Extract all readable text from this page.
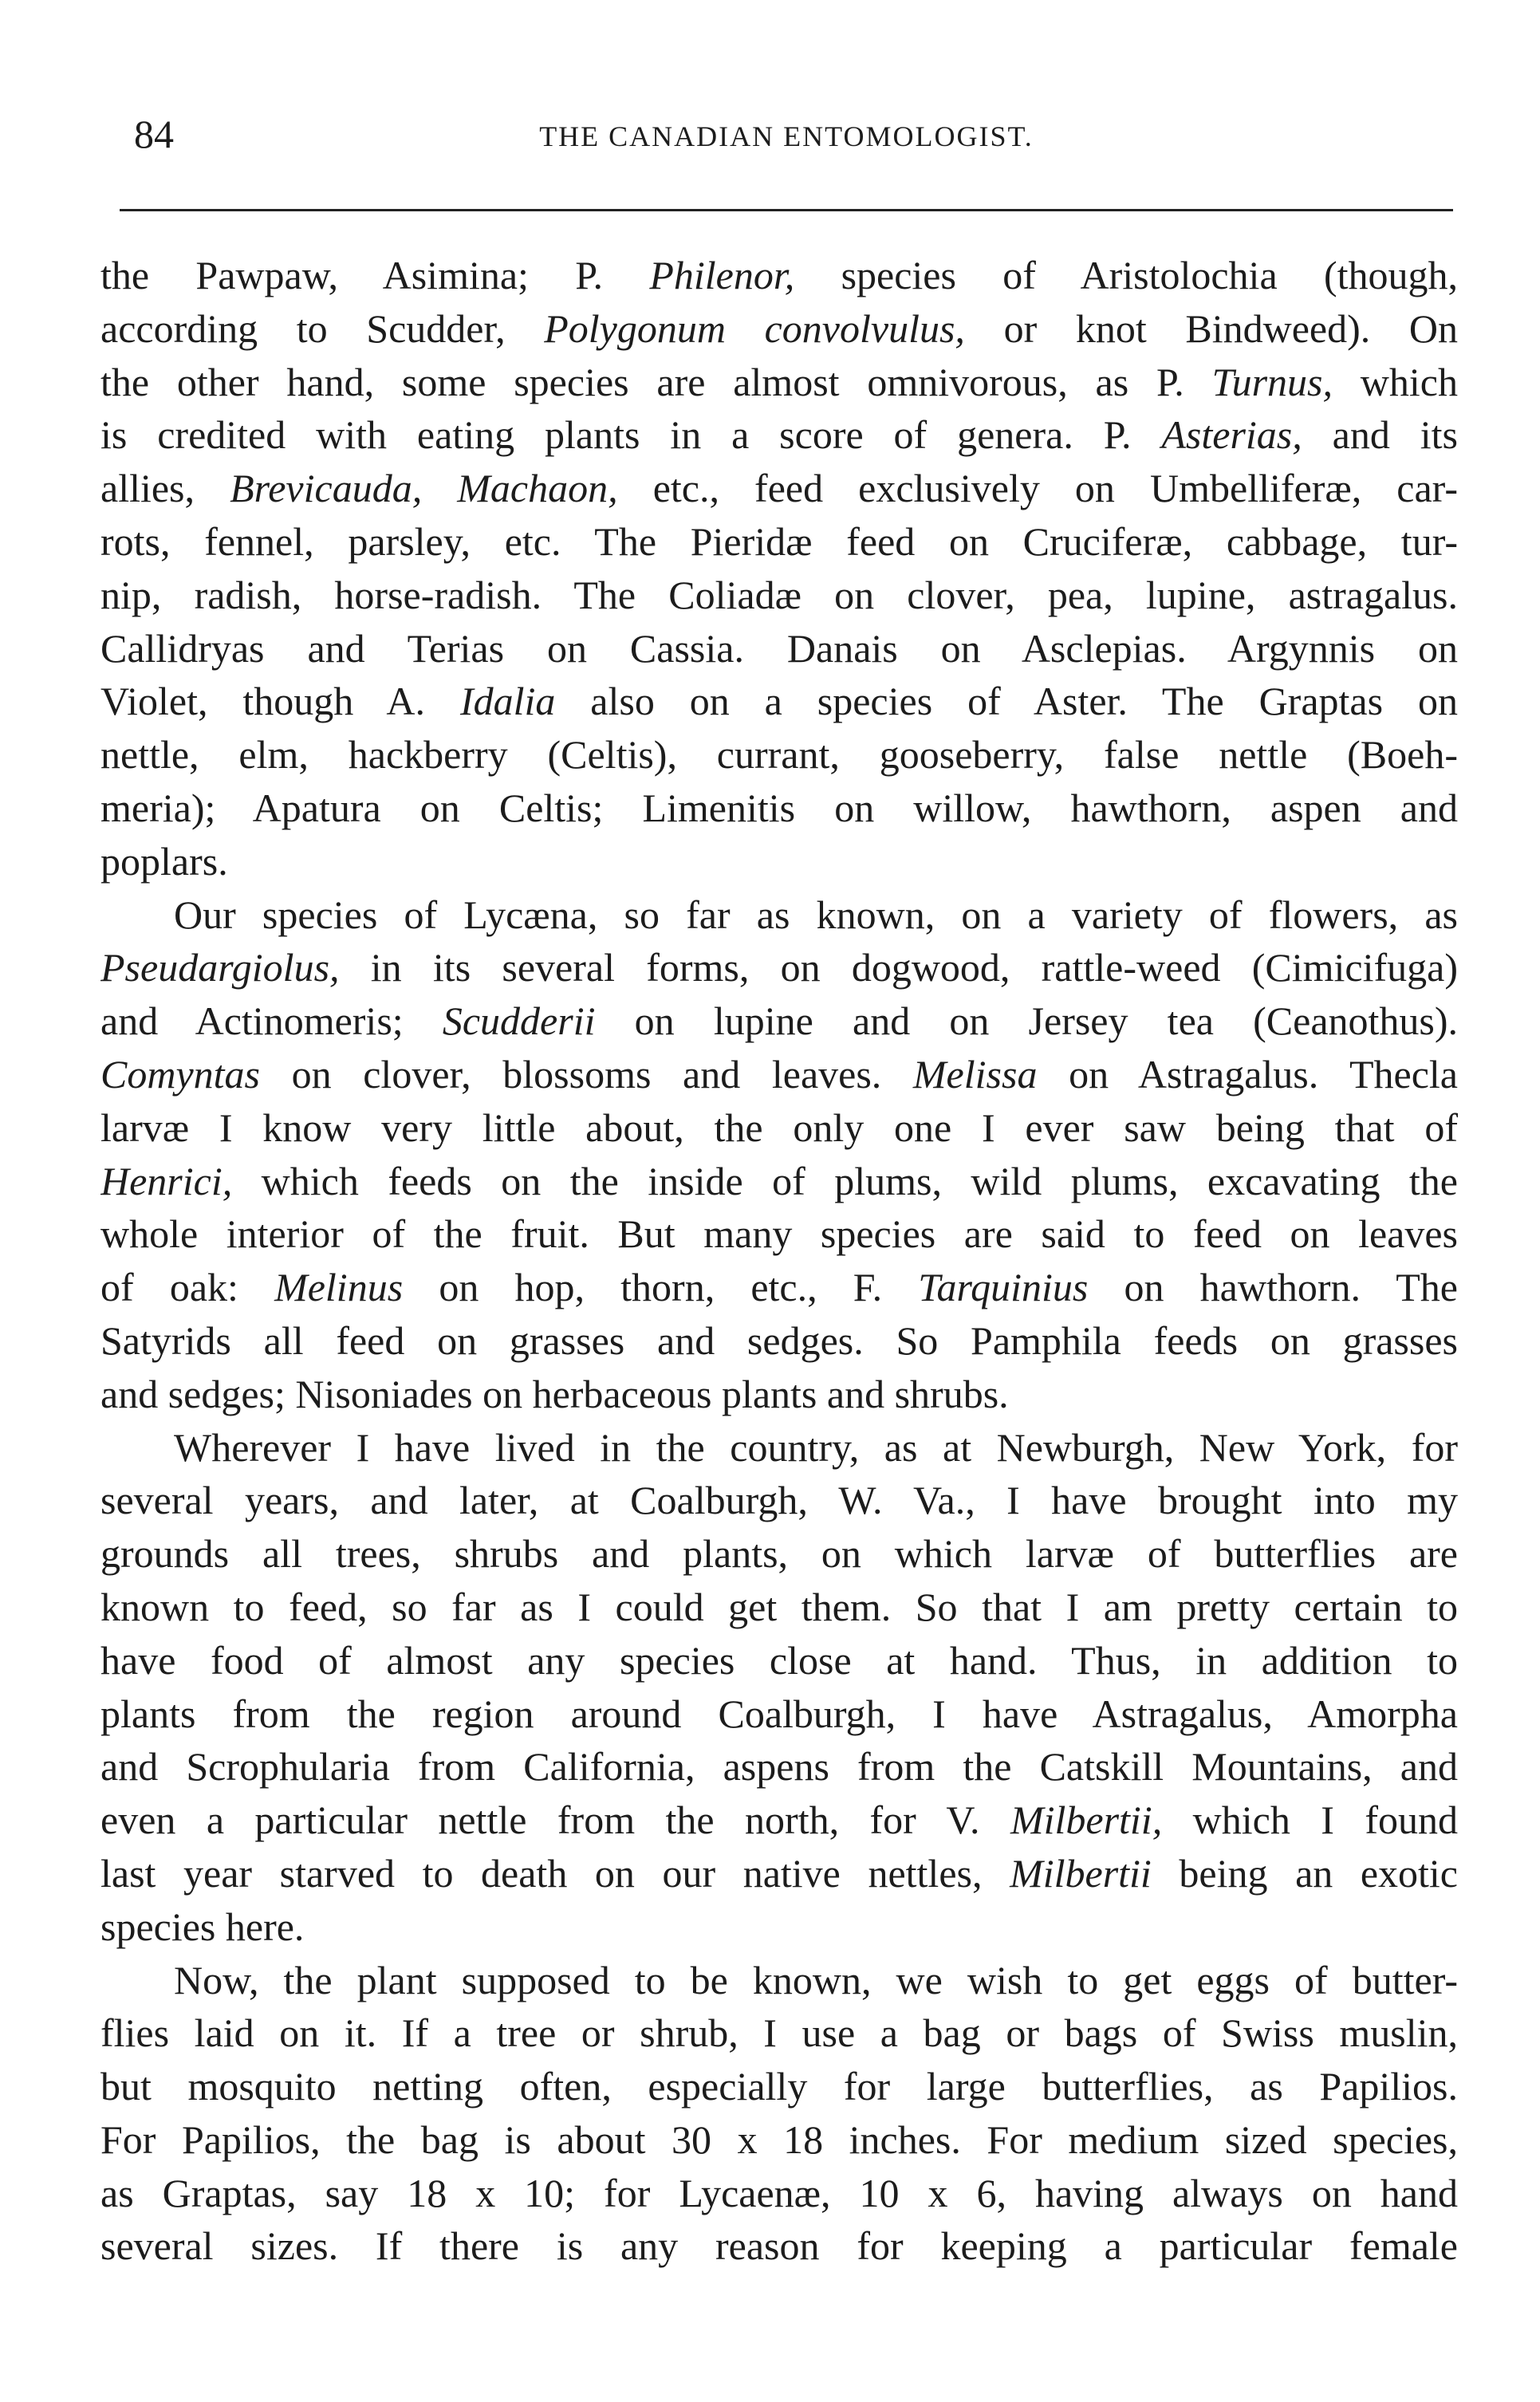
84	THE CANADIAN ENTOMOLOGIST.
the Pawpaw, Asimina; P. Philenor, species of Aristolochia (though,
according to Scudder, Polygonum convolvulus, or knot Bindweed). On
the other hand, some species are almost omnivorous, as P. Turnus, which
is credited with eating plants in a score of genera. P. Asterias, and its
allies, Brevicauda, Machaon, etc., feed exclusively on Umbelliferæ, car-
rots, fennel, parsley, etc. The Pieridæ feed on Cruciferæ, cabbage, tur-
nip, radish, horse-radish. The Coliadæ on clover, pea, lupine, astragalus.
Callidryas and Terias on Cassia. Danais on Asclepias. Argynnis on
Violet, though A. Idalia also on a species of Aster. The Graptas on
nettle, elm, hackberry (Celtis), currant, gooseberry, false nettle (Boeh-
meria); Apatura on Celtis; Limenitis on willow, hawthorn, aspen and
poplars.
Our species of Lycæna, so far as known, on a variety of flowers, as
Pseudargiolus, in its several forms, on dogwood, rattle-weed (Cimicifuga)
and Actinomeris; Scudderii on lupine and on Jersey tea (Ceanothus).
Comyntas on clover, blossoms and leaves. Melissa on Astragalus. Thecla
larvæ I know very little about, the only one I ever saw being that of
Henrici, which feeds on the inside of plums, wild plums, excavating the
whole interior of the fruit. But many species are said to feed on leaves
of oak: Melinus on hop, thorn, etc., F. Tarquinius on hawthorn. The
Satyrids all feed on grasses and sedges. So Pamphila feeds on grasses
and sedges; Nisoniades on herbaceous plants and shrubs.
Wherever I have lived in the country, as at Newburgh, New York, for
several years, and later, at Coalburgh, W. Va., I have brought into my
grounds all trees, shrubs and plants, on which larvæ of butterflies are
known to feed, so far as I could get them. So that I am pretty certain to
have food of almost any species close at hand. Thus, in addition to
plants from the region around Coalburgh, I have Astragalus, Amorpha
and Scrophularia from California, aspens from the Catskill Mountains, and
even a particular nettle from the north, for V. Milbertii, which I found
last year starved to death on our native nettles, Milbertii being an exotic
species here.
Now, the plant supposed to be known, we wish to get eggs of butter-
flies laid on it. If a tree or shrub, I use a bag or bags of Swiss muslin,
but mosquito netting often, especially for large butterflies, as Papilios.
For Papilios, the bag is about 30 x 18 inches. For medium sized species,
as Graptas, say 18 x 10; for Lycaenæ, 10 x 6, having always on hand
several sizes. If there is any reason for keeping a particular female
